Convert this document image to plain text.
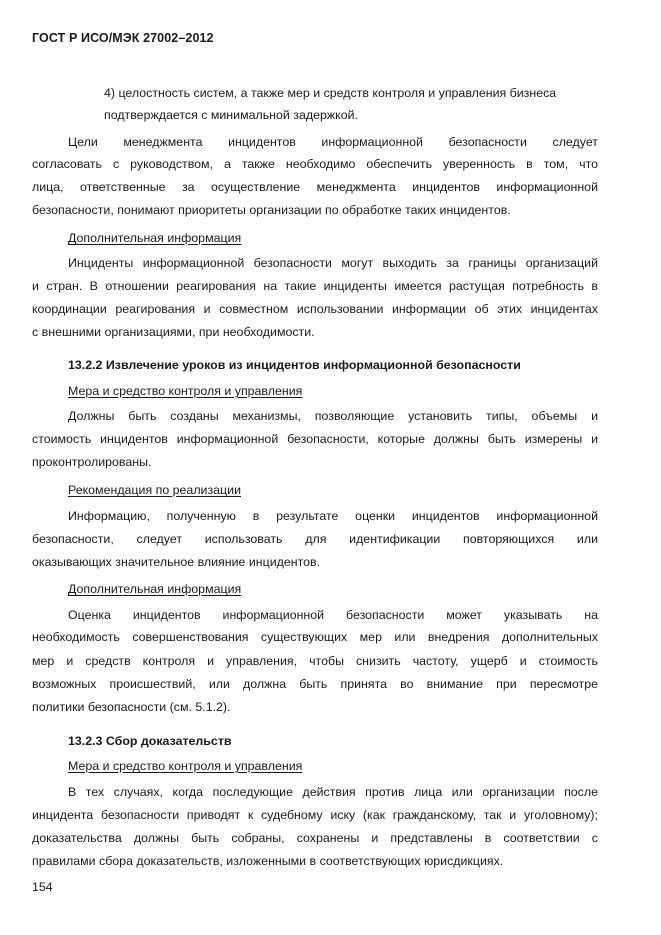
ГОСТ Р ИСО/МЭК 27002–2012
4) целостность систем, а также мер и средств контроля и управления бизнеса
подтверждается с минимальной задержкой.
Цели менеджмента инцидентов информационной безопасности следует
согласовать с руководством, а также необходимо обеспечить уверенность в том, что
лица, ответственные за осуществление менеджмента инцидентов информационной
безопасности, понимают приоритеты организации по обработке таких инцидентов.
Дополнительная информация
Инциденты информационной безопасности могут выходить за границы организаций
и стран. В отношении реагирования на такие инциденты имеется растущая потребность в
координации реагирования и совместном использовании информации об этих инцидентах
с внешними организациями, при необходимости.
13.2.2 Извлечение уроков из инцидентов информационной безопасности
Мера и средство контроля и управления
Должны быть созданы механизмы, позволяющие установить типы, объемы и
стоимость инцидентов информационной безопасности, которые должны быть измерены и
проконтролированы.
Рекомендация по реализации
Информацию, полученную в результате оценки инцидентов информационной
безопасности, следует использовать для идентификации повторяющихся или
оказывающих значительное влияние инцидентов.
Дополнительная информация
Оценка инцидентов информационной безопасности может указывать на
необходимость совершенствования существующих мер или внедрения дополнительных
мер и средств контроля и управления, чтобы снизить частоту, ущерб и стоимость
возможных происшествий, или должна быть принята во внимание при пересмотре
политики безопасности (см. 5.1.2).
13.2.3 Сбор доказательств
Мера и средство контроля и управления
В тех случаях, когда последующие действия против лица или организации после
инцидента безопасности приводят к судебному иску (как гражданскому, так и уголовному);
доказательства должны быть собраны, сохранены и представлены в соответствии с
правилами сбора доказательств, изложенными в соответствующих юрисдикциях.
154
